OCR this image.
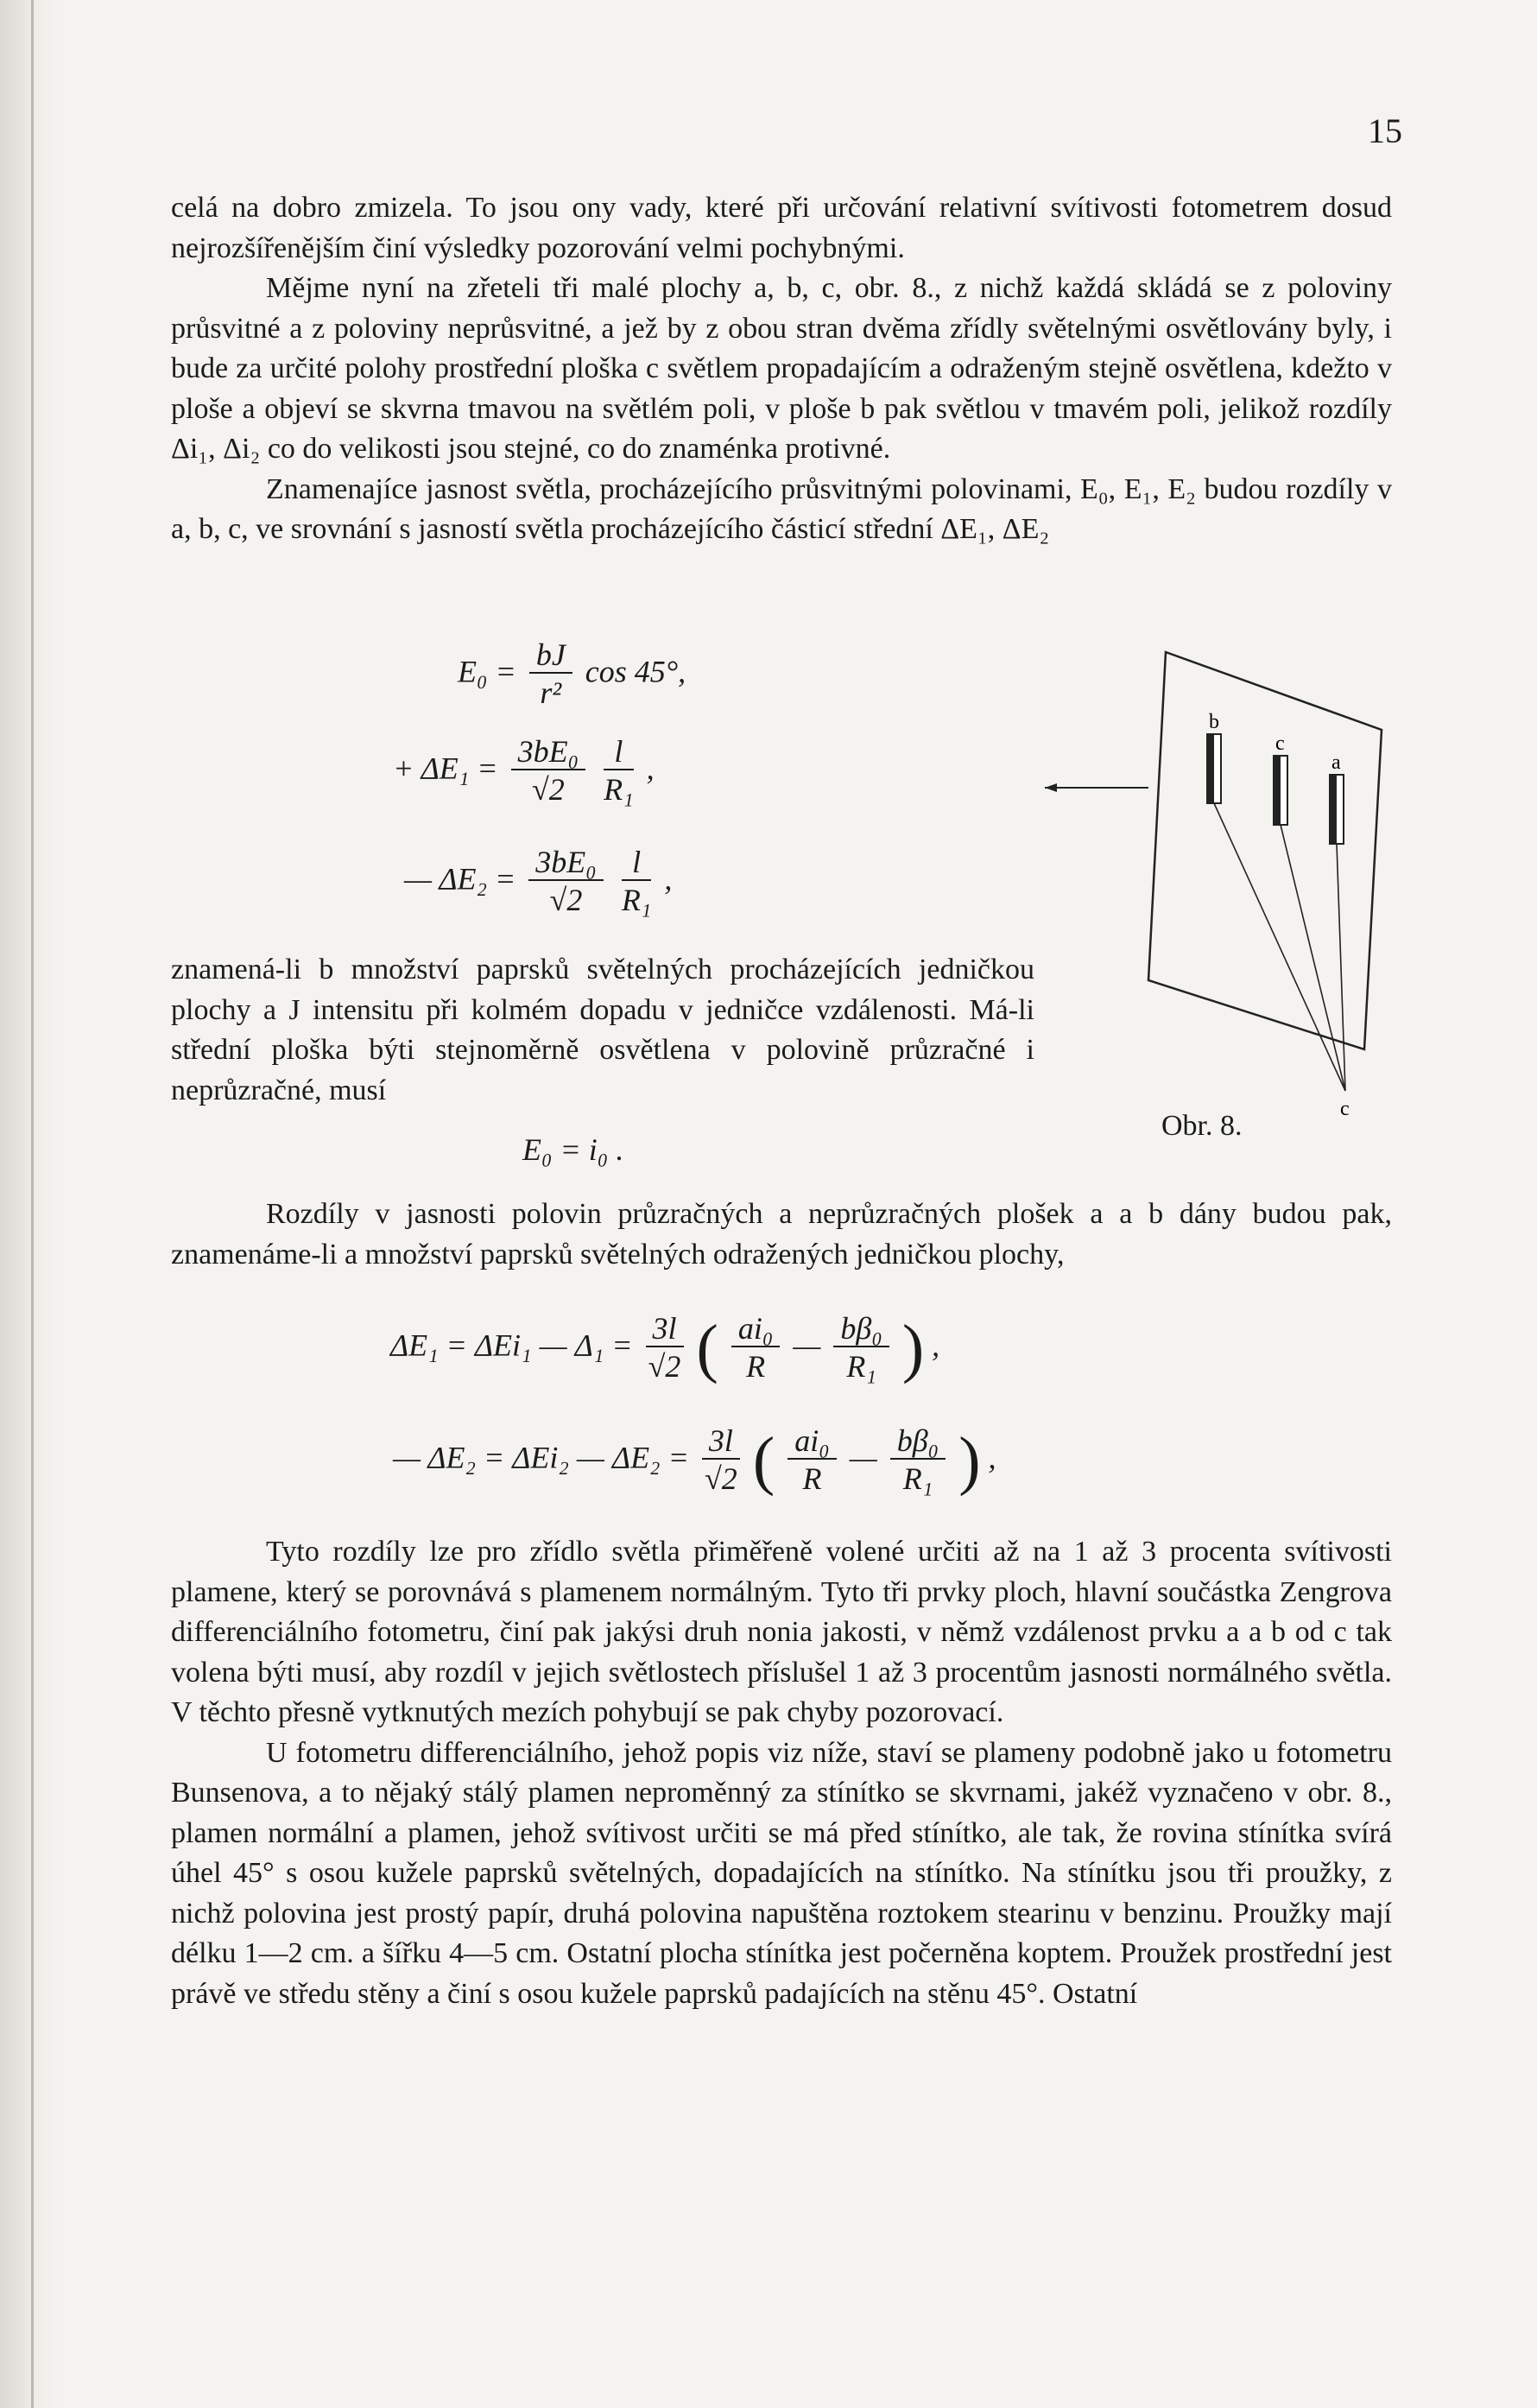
15

celá na dobro zmizela. To jsou ony vady, které při určování relativní svítivosti fotometrem dosud nejrozšířenějším činí výsledky pozorování velmi pochybnými.

Mějme nyní na zřeteli tři malé plochy a, b, c, obr. 8., z nichž každá skládá se z poloviny průsvitné a z poloviny neprůsvitné, a jež by z obou stran dvěma zřídly světelnými osvětlovány byly, i bude za určité polohy prostřední ploška c světlem propadajícím a odraženým stejně osvětlena, kdežto v ploše a objeví se skvrna tmavou na světlém poli, v ploše b pak světlou v tmavém poli, jelikož rozdíly Δi₁, Δi₂ co do velikosti jsou stejné, co do znaménka protivné.

Znamenajíce jasnost světla, procházejícího průsvitnými polovinami, E₀, E₁, E₂ budou rozdíly v a, b, c, ve srovnání s jasností světla procházejícího částicí střední ΔE₁, ΔE₂

$E_0 = \frac{bJ}{\text{r²}}$ cos 45°,
+ $\Delta E_1 = \frac{\text{3bE₀}}{√2}$
$\frac{l}{\text{R₁}}$ ,
— $\Delta E_2 = \frac{\text{3bE₀}}{√2}$
$\frac{l}{\text{R₁}}$ ,

znamená-li b množství paprsků světelných procházejících jedničkou plochy a J intensitu při kolmém dopadu v jedničce vzdálenosti. Má-li střední ploška býti stejnoměrně osvětlena v polovině průzračné i neprůzračné, musí

E₀ = i₀ .
b
c
a
c
Obr. 8.

Rozdíly v jasnosti polovin průzračných a neprůzračných plošek a a b dány budou pak, znamenáme-li a množství paprsků světelných odražených jedničkou plochy,

ΔE₁ = ΔEi₁ — $\Delta_1 = \frac{3l}{√2}$ ( $\frac{\text{ai₀}}{R}$ — $\frac{\text{bβ₀}}{\text{R₁}}$ ) ,
— ΔE₂ = ΔEi₂ — $\Delta E_2 = \frac{3l}{√2}$ ( $\frac{\text{ai₀}}{R}$ — $\frac{\text{bβ₀}}{\text{R₁}}$ ) ,

Tyto rozdíly lze pro zřídlo světla přiměřeně volené určiti až na 1 až 3 procenta svítivosti plamene, který se porovnává s plamenem normálným. Tyto tři prvky ploch, hlavní součástka Zengrova differenciálního fotometru, činí pak jakýsi druh nonia jakosti, v němž vzdálenost prvku a a b od c tak volena býti musí, aby rozdíl v jejich světlostech příslušel 1 až 3 procentům jasnosti normálného světla. V těchto přesně vytknutých mezích pohybují se pak chyby pozorovací.

U fotometru differenciálního, jehož popis viz níže, staví se plameny podobně jako u fotometru Bunsenova, a to nějaký stálý plamen neproměnný za stínítko se skvrnami, jakéž vyznačeno v obr. 8., plamen normální a plamen, jehož svítivost určiti se má před stínítko, ale tak, že rovina stínítka svírá úhel 45° s osou kužele paprsků světelných, dopadajících na stínítko. Na stínítku jsou tři proužky, z nichž polovina jest prostý papír, druhá polovina napuštěna roztokem stearinu v benzinu. Proužky mají délku 1—2 cm. a šířku 4—5 cm. Ostatní plocha stínítka jest počerněna koptem. Proužek prostřední jest právě ve středu stěny a činí s osou kužele paprsků padajících na stěnu 45°. Ostatní
